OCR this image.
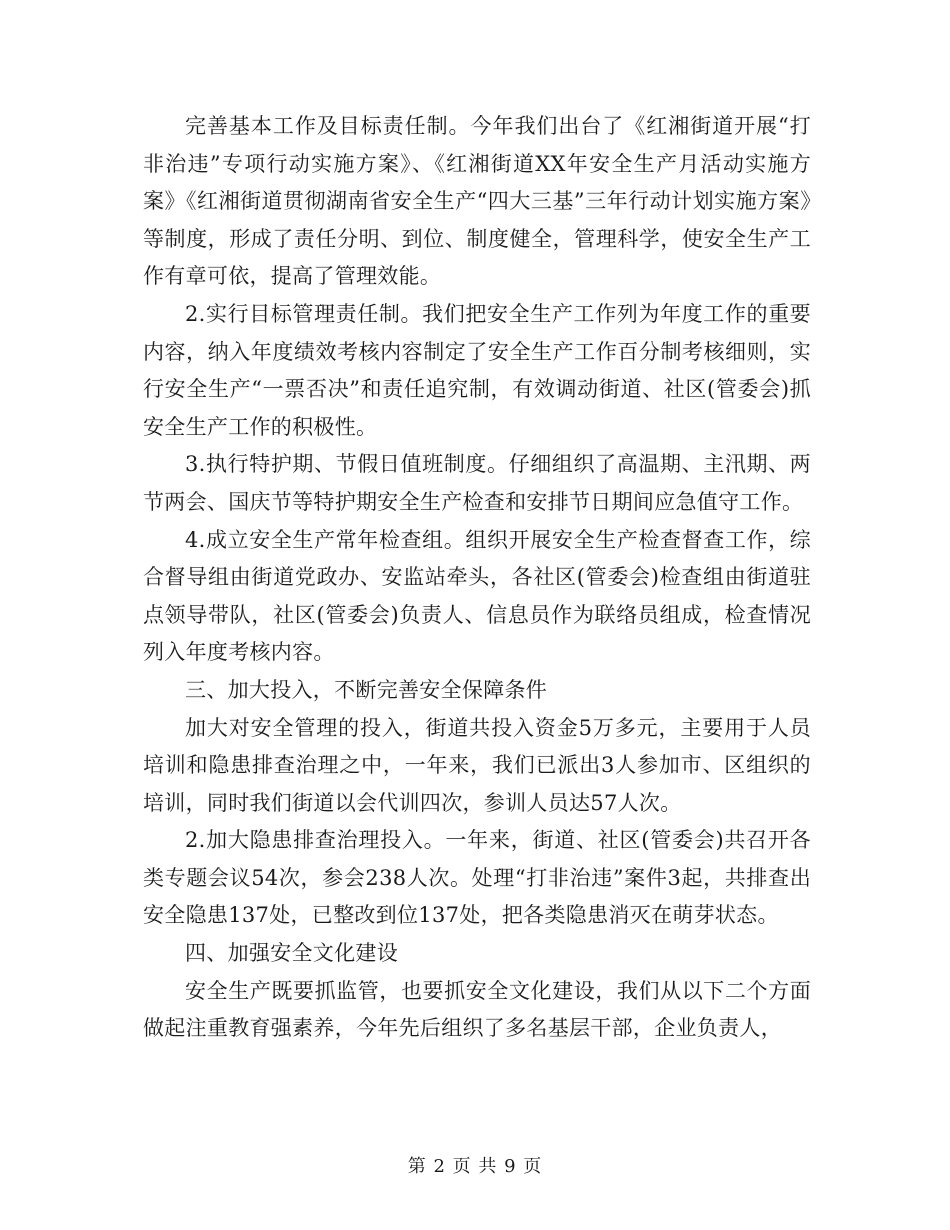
完善基本工作及目标责任制。今年我们出台了《红湘街道开展“打非治违”专项行动实施方案》、《红湘街道XX年安全生产月活动实施方案》《红湘街道贯彻湖南省安全生产“四大三基”三年行动计划实施方案》等制度，形成了责任分明、到位、制度健全，管理科学，使安全生产工作有章可依，提高了管理效能。

2.实行目标管理责任制。我们把安全生产工作列为年度工作的重要内容，纳入年度绩效考核内容制定了安全生产工作百分制考核细则，实行安全生产“一票否决”和责任追究制，有效调动街道、社区(管委会)抓安全生产工作的积极性。

3.执行特护期、节假日值班制度。仔细组织了高温期、主汛期、两节两会、国庆节等特护期安全生产检查和安排节日期间应急值守工作。

4.成立安全生产常年检查组。组织开展安全生产检查督查工作，综合督导组由街道党政办、安监站牵头，各社区(管委会)检查组由街道驻点领导带队，社区(管委会)负责人、信息员作为联络员组成，检查情况列入年度考核内容。

三、加大投入，不断完善安全保障条件

加大对安全管理的投入，街道共投入资金5万多元，主要用于人员培训和隐患排查治理之中，一年来，我们已派出3人参加市、区组织的培训，同时我们街道以会代训四次，参训人员达57人次。

2.加大隐患排查治理投入。一年来，街道、社区(管委会)共召开各类专题会议54次，参会238人次。处理“打非治违”案件3起，共排查出安全隐患137处，已整改到位137处，把各类隐患消灭在萌芽状态。

四、加强安全文化建设

安全生产既要抓监管，也要抓安全文化建设，我们从以下二个方面做起注重教育强素养，今年先后组织了多名基层干部，企业负责人，

第 2 页 共 9 页
